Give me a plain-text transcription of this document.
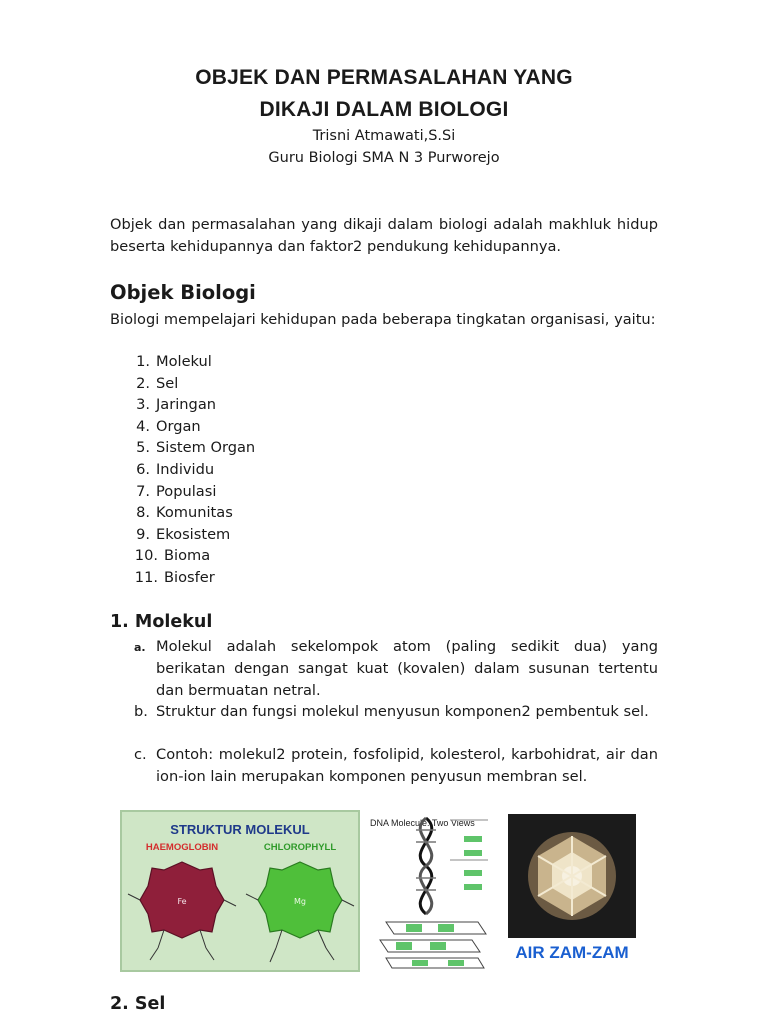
OBJEK DAN PERMASALAHAN YANG
DIKAJI DALAM BIOLOGI

Trisni Atmawati,S.Si

Guru Biologi SMA N 3 Purworejo

Objek dan permasalahan yang dikaji dalam biologi adalah makhluk hidup beserta kehidupannya dan faktor2 pendukung kehidupannya.

Objek Biologi

Biologi mempelajari kehidupan pada beberapa tingkatan organisasi, yaitu:

1. Molekul
2. Sel
3. Jaringan
4. Organ
5. Sistem Organ
6. Individu
7. Populasi
8. Komunitas
9. Ekosistem
10. Bioma
11. Biosfer
1. Molekul
a. Molekul adalah sekelompok atom (paling sedikit dua) yang berikatan dengan sangat kuat (kovalen) dalam susunan tertentu dan bermuatan netral.
b. Struktur dan fungsi molekul menyusun komponen2 pembentuk sel.
c. Contoh: molekul2 protein, fosfolipid, kolesterol, karbohidrat, air dan ion-ion lain merupakan komponen penyusun membran sel.
STRUKTUR MOLEKUL
HAEMOGLOBIN	CHLOROPHYLL
Fe	Mg
DNA Molecule: Two Views
AIR ZAM-ZAM
2. Sel
